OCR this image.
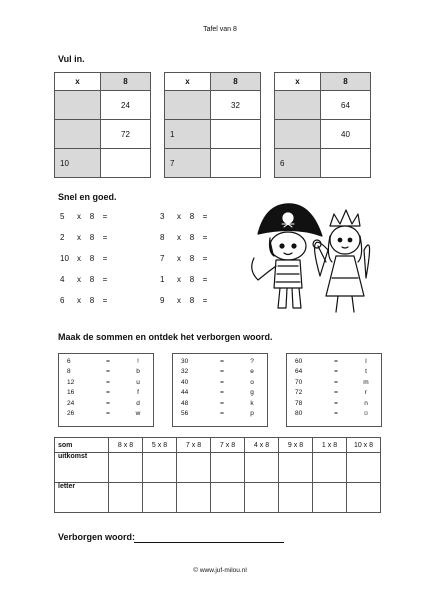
Tafel van 8
Vul in.
x	8
	24
	72
10	
x	8
	32
1	
7	
x	8
	64
	40
6	
Snel en goed.
5 x 8 =
2 x 8 =
10 x 8 =
4 x 8 =
6 x 8 =
3 x 8 =
8 x 8 =
7 x 8 =
1 x 8 =
9 x 8 =
Maak de sommen en ontdek het verborgen woord.
6	=	!
8	=	b
12	=	u
16	=	f
24	=	d
26	=	w
30	=	?
32	=	e
40	=	o
44	=	g
48	=	k
56	=	p
60	=	l
64	=	t
70	=	m
72	=	r
78	=	n
80	=	☺
som	8 x 8	5 x 8	7 x 8	7 x 8	4 x 8	9 x 8	1 x 8	10 x 8
uitkomst								
letter								
Verborgen woord:
© www.juf-milou.nl
